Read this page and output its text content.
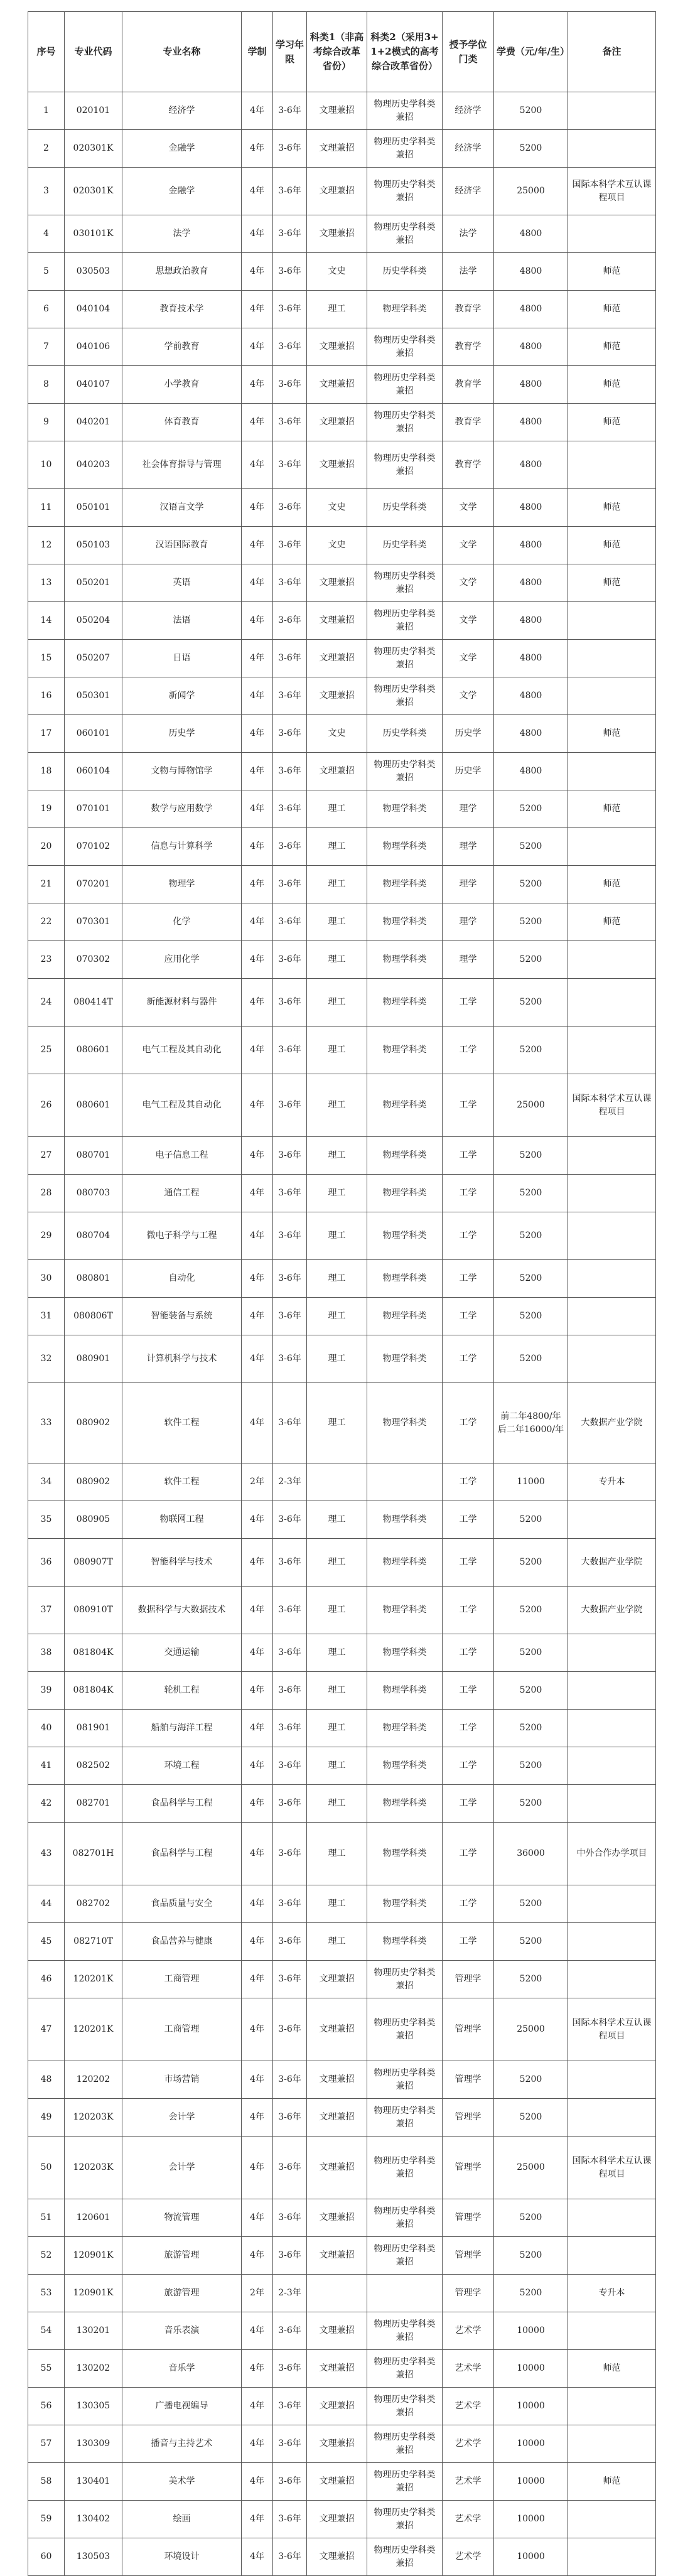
序号	专业代码	专业名称	学制	学习年限	科类1（非高考综合改革省份）	科类2（采用3+1+2模式的高考综合改革省份）	授予学位门类	学费（元/年/生）	备注
1	020101	经济学	4年	3-6年	文理兼招	物理历史学科类兼招	经济学	5200	
2	020301K	金融学	4年	3-6年	文理兼招	物理历史学科类兼招	经济学	5200	
3	020301K	金融学	4年	3-6年	文理兼招	物理历史学科类兼招	经济学	25000	国际本科学术互认课程项目
4	030101K	法学	4年	3-6年	文理兼招	物理历史学科类兼招	法学	4800	
5	030503	思想政治教育	4年	3-6年	文史	历史学科类	法学	4800	师范
6	040104	教育技术学	4年	3-6年	理工	物理学科类	教育学	4800	师范
7	040106	学前教育	4年	3-6年	文理兼招	物理历史学科类兼招	教育学	4800	师范
8	040107	小学教育	4年	3-6年	文理兼招	物理历史学科类兼招	教育学	4800	师范
9	040201	体育教育	4年	3-6年	文理兼招	物理历史学科类兼招	教育学	4800	师范
10	040203	社会体育指导与管理	4年	3-6年	文理兼招	物理历史学科类兼招	教育学	4800	
11	050101	汉语言文学	4年	3-6年	文史	历史学科类	文学	4800	师范
12	050103	汉语国际教育	4年	3-6年	文史	历史学科类	文学	4800	师范
13	050201	英语	4年	3-6年	文理兼招	物理历史学科类兼招	文学	4800	师范
14	050204	法语	4年	3-6年	文理兼招	物理历史学科类兼招	文学	4800	
15	050207	日语	4年	3-6年	文理兼招	物理历史学科类兼招	文学	4800	
16	050301	新闻学	4年	3-6年	文理兼招	物理历史学科类兼招	文学	4800	
17	060101	历史学	4年	3-6年	文史	历史学科类	历史学	4800	师范
18	060104	文物与博物馆学	4年	3-6年	文理兼招	物理历史学科类兼招	历史学	4800	
19	070101	数学与应用数学	4年	3-6年	理工	物理学科类	理学	5200	师范
20	070102	信息与计算科学	4年	3-6年	理工	物理学科类	理学	5200	
21	070201	物理学	4年	3-6年	理工	物理学科类	理学	5200	师范
22	070301	化学	4年	3-6年	理工	物理学科类	理学	5200	师范
23	070302	应用化学	4年	3-6年	理工	物理学科类	理学	5200	
24	080414T	新能源材料与器件	4年	3-6年	理工	物理学科类	工学	5200	
25	080601	电气工程及其自动化	4年	3-6年	理工	物理学科类	工学	5200	
26	080601	电气工程及其自动化	4年	3-6年	理工	物理学科类	工学	25000	国际本科学术互认课程项目
27	080701	电子信息工程	4年	3-6年	理工	物理学科类	工学	5200	
28	080703	通信工程	4年	3-6年	理工	物理学科类	工学	5200	
29	080704	微电子科学与工程	4年	3-6年	理工	物理学科类	工学	5200	
30	080801	自动化	4年	3-6年	理工	物理学科类	工学	5200	
31	080806T	智能装备与系统	4年	3-6年	理工	物理学科类	工学	5200	
32	080901	计算机科学与技术	4年	3-6年	理工	物理学科类	工学	5200	
33	080902	软件工程	4年	3-6年	理工	物理学科类	工学	前二年4800/年 后二年16000/年	大数据产业学院
34	080902	软件工程	2年	2-3年			工学	11000	专升本
35	080905	物联网工程	4年	3-6年	理工	物理学科类	工学	5200	
36	080907T	智能科学与技术	4年	3-6年	理工	物理学科类	工学	5200	大数据产业学院
37	080910T	数据科学与大数据技术	4年	3-6年	理工	物理学科类	工学	5200	大数据产业学院
38	081804K	交通运输	4年	3-6年	理工	物理学科类	工学	5200	
39	081804K	轮机工程	4年	3-6年	理工	物理学科类	工学	5200	
40	081901	船舶与海洋工程	4年	3-6年	理工	物理学科类	工学	5200	
41	082502	环境工程	4年	3-6年	理工	物理学科类	工学	5200	
42	082701	食品科学与工程	4年	3-6年	理工	物理学科类	工学	5200	
43	082701H	食品科学与工程	4年	3-6年	理工	物理学科类	工学	36000	中外合作办学项目
44	082702	食品质量与安全	4年	3-6年	理工	物理学科类	工学	5200	
45	082710T	食品营养与健康	4年	3-6年	理工	物理学科类	工学	5200	
46	120201K	工商管理	4年	3-6年	文理兼招	物理历史学科类兼招	管理学	5200	
47	120201K	工商管理	4年	3-6年	文理兼招	物理历史学科类兼招	管理学	25000	国际本科学术互认课程项目
48	120202	市场营销	4年	3-6年	文理兼招	物理历史学科类兼招	管理学	5200	
49	120203K	会计学	4年	3-6年	文理兼招	物理历史学科类兼招	管理学	5200	
50	120203K	会计学	4年	3-6年	文理兼招	物理历史学科类兼招	管理学	25000	国际本科学术互认课程项目
51	120601	物流管理	4年	3-6年	文理兼招	物理历史学科类兼招	管理学	5200	
52	120901K	旅游管理	4年	3-6年	文理兼招	物理历史学科类兼招	管理学	5200	
53	120901K	旅游管理	2年	2-3年			管理学	5200	专升本
54	130201	音乐表演	4年	3-6年	文理兼招	物理历史学科类兼招	艺术学	10000	
55	130202	音乐学	4年	3-6年	文理兼招	物理历史学科类兼招	艺术学	10000	师范
56	130305	广播电视编导	4年	3-6年	文理兼招	物理历史学科类兼招	艺术学	10000	
57	130309	播音与主持艺术	4年	3-6年	文理兼招	物理历史学科类兼招	艺术学	10000	
58	130401	美术学	4年	3-6年	文理兼招	物理历史学科类兼招	艺术学	10000	师范
59	130402	绘画	4年	3-6年	文理兼招	物理历史学科类兼招	艺术学	10000	
60	130503	环境设计	4年	3-6年	文理兼招	物理历史学科类兼招	艺术学	10000	
